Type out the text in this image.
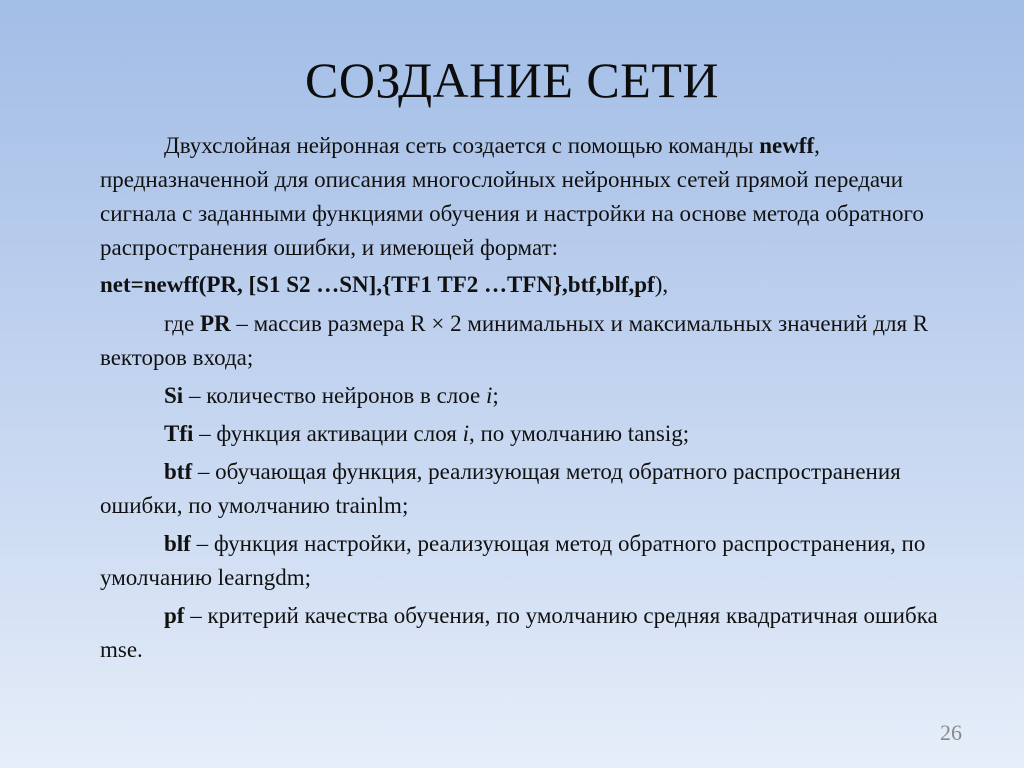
СОЗДАНИЕ СЕТИ

Двухслойная нейронная сеть создается с помощью команды newff, предназначенной для описания многослойных нейронных сетей прямой передачи сигнала с заданными функциями обучения и настройки на основе метода обратного распространения ошибки, и имеющей формат:

net=newff(PR, [S1 S2 …SN],{TF1 TF2 …TFN},btf,blf,pf),

где PR – массив размера R × 2 минимальных и максимальных значений для R векторов входа;

Si – количество нейронов в слое i;

Tfi – функция активации слоя i, по умолчанию tansig;

btf – обучающая функция, реализующая метод обратного распространения ошибки, по умолчанию trainlm;

blf – функция настройки, реализующая метод обратного распространения, по умолчанию learngdm;

pf – критерий качества обучения, по умолчанию средняя квадратичная ошибка mse.

26
